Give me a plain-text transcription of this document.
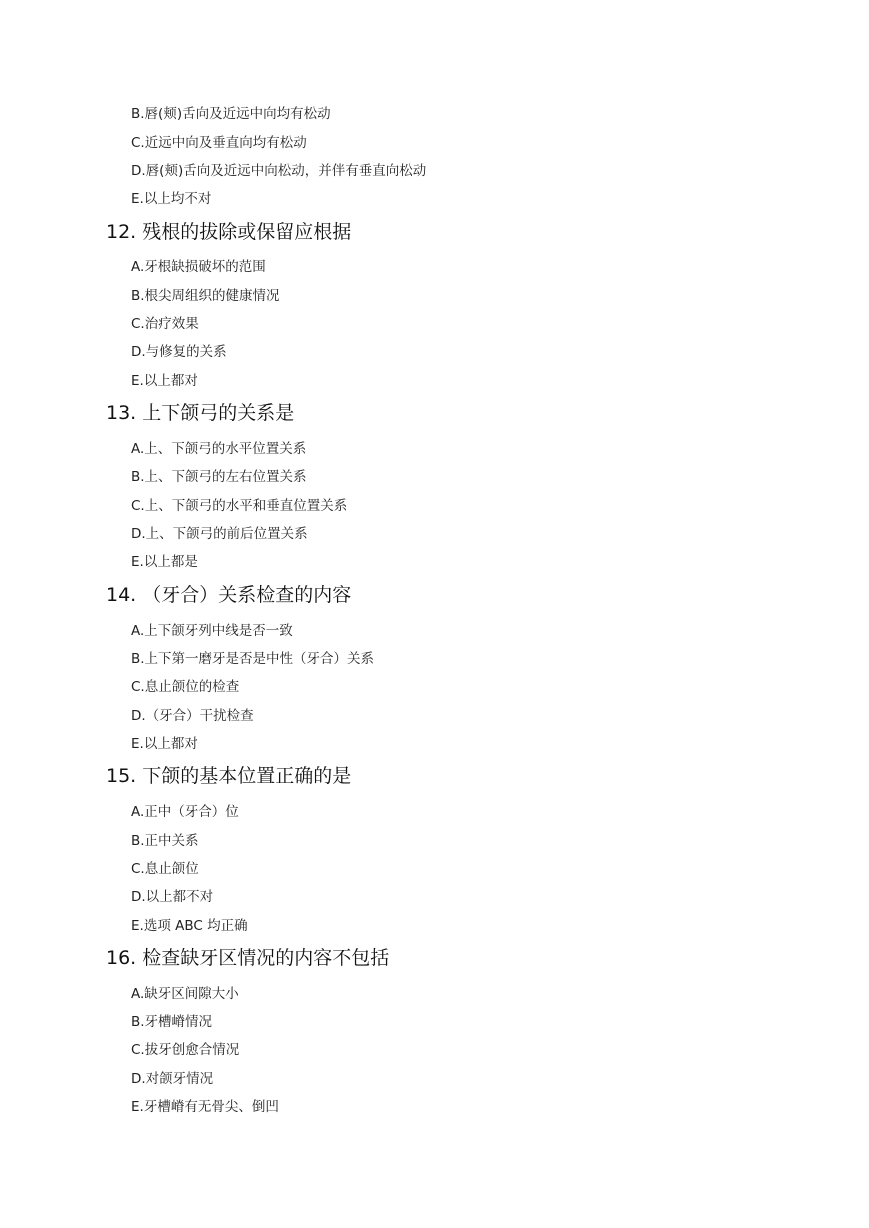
B.唇(颊)舌向及近远中向均有松动
C.近远中向及垂直向均有松动
D.唇(颊)舌向及近远中向松动，并伴有垂直向松动
E.以上均不对
12. 残根的拔除或保留应根据
A.牙根缺损破坏的范围
B.根尖周组织的健康情况
C.治疗效果
D.与修复的关系
E.以上都对
13. 上下颌弓的关系是
A.上、下颌弓的水平位置关系
B.上、下颌弓的左右位置关系
C.上、下颌弓的水平和垂直位置关系
D.上、下颌弓的前后位置关系
E.以上都是
14. （牙合）关系检查的内容
A.上下颌牙列中线是否一致
B.上下第一磨牙是否是中性（牙合）关系
C.息止颌位的检查
D.（牙合）干扰检查
E.以上都对
15. 下颌的基本位置正确的是
A.正中（牙合）位
B.正中关系
C.息止颌位
D.以上都不对
E.选项 ABC 均正确
16. 检查缺牙区情况的内容不包括
A.缺牙区间隙大小
B.牙槽嵴情况
C.拔牙创愈合情况
D.对颌牙情况
E.牙槽嵴有无骨尖、倒凹
